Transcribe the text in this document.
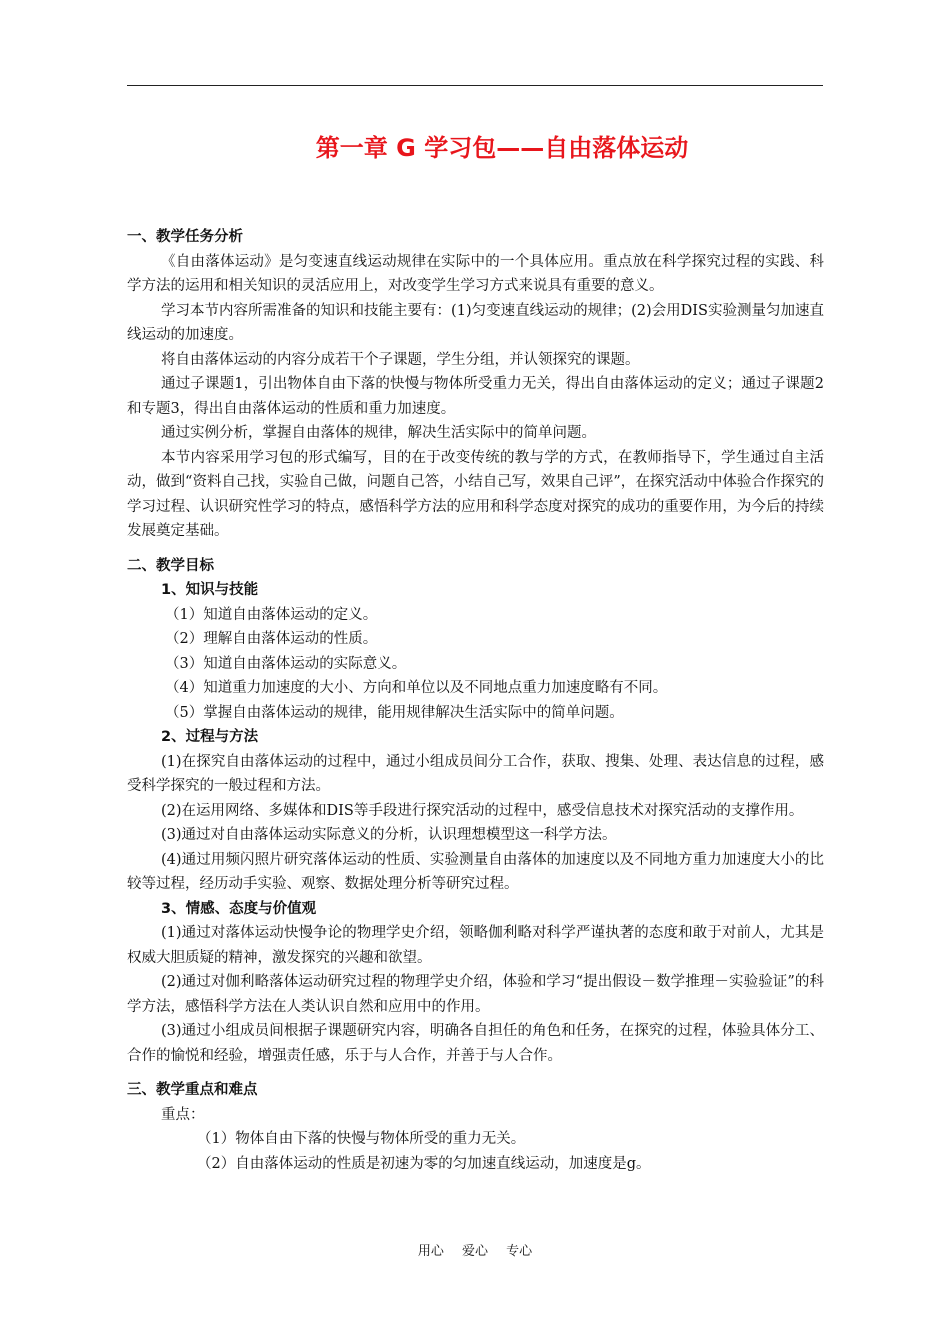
第一章 G 学习包——自由落体运动
一、教学任务分析

《自由落体运动》是匀变速直线运动规律在实际中的一个具体应用。重点放在科学探究过程的实践、科学方法的运用和相关知识的灵活应用上，对改变学生学习方式来说具有重要的意义。

学习本节内容所需准备的知识和技能主要有：(1)匀变速直线运动的规律；(2)会用DIS实验测量匀加速直线运动的加速度。

将自由落体运动的内容分成若干个子课题，学生分组，并认领探究的课题。

通过子课题1，引出物体自由下落的快慢与物体所受重力无关，得出自由落体运动的定义；通过子课题2和专题3，得出自由落体运动的性质和重力加速度。

通过实例分析，掌握自由落体的规律，解决生活实际中的简单问题。

本节内容采用学习包的形式编写，目的在于改变传统的教与学的方式，在教师指导下，学生通过自主活动，做到“资料自己找，实验自己做，问题自己答，小结自己写，效果自己评”，在探究活动中体验合作探究的学习过程、认识研究性学习的特点，感悟科学方法的应用和科学态度对探究的成功的重要作用，为今后的持续发展奠定基础。

二、教学目标
1、知识与技能

（1）知道自由落体运动的定义。

（2）理解自由落体运动的性质。

（3）知道自由落体运动的实际意义。

（4）知道重力加速度的大小、方向和单位以及不同地点重力加速度略有不同。

（5）掌握自由落体运动的规律，能用规律解决生活实际中的简单问题。

2、过程与方法

(1)在探究自由落体运动的过程中，通过小组成员间分工合作，获取、搜集、处理、表达信息的过程，感受科学探究的一般过程和方法。

(2)在运用网络、多媒体和DIS等手段进行探究活动的过程中，感受信息技术对探究活动的支撑作用。

(3)通过对自由落体运动实际意义的分析，认识理想模型这一科学方法。

(4)通过用频闪照片研究落体运动的性质、实验测量自由落体的加速度以及不同地方重力加速度大小的比较等过程，经历动手实验、观察、数据处理分析等研究过程。

3、情感、态度与价值观

(1)通过对落体运动快慢争论的物理学史介绍，领略伽利略对科学严谨执著的态度和敢于对前人，尤其是权威大胆质疑的精神，激发探究的兴趣和欲望。

(2)通过对伽利略落体运动研究过程的物理学史介绍，体验和学习“提出假设－数学推理－实验验证”的科学方法，感悟科学方法在人类认识自然和应用中的作用。

(3)通过小组成员间根据子课题研究内容，明确各自担任的角色和任务，在探究的过程，体验具体分工、合作的愉悦和经验，增强责任感，乐于与人合作，并善于与人合作。

三、教学重点和难点

重点：

（1）物体自由下落的快慢与物体所受的重力无关。

（2）自由落体运动的性质是初速为零的匀加速直线运动，加速度是g。

用心 爱心 专心
